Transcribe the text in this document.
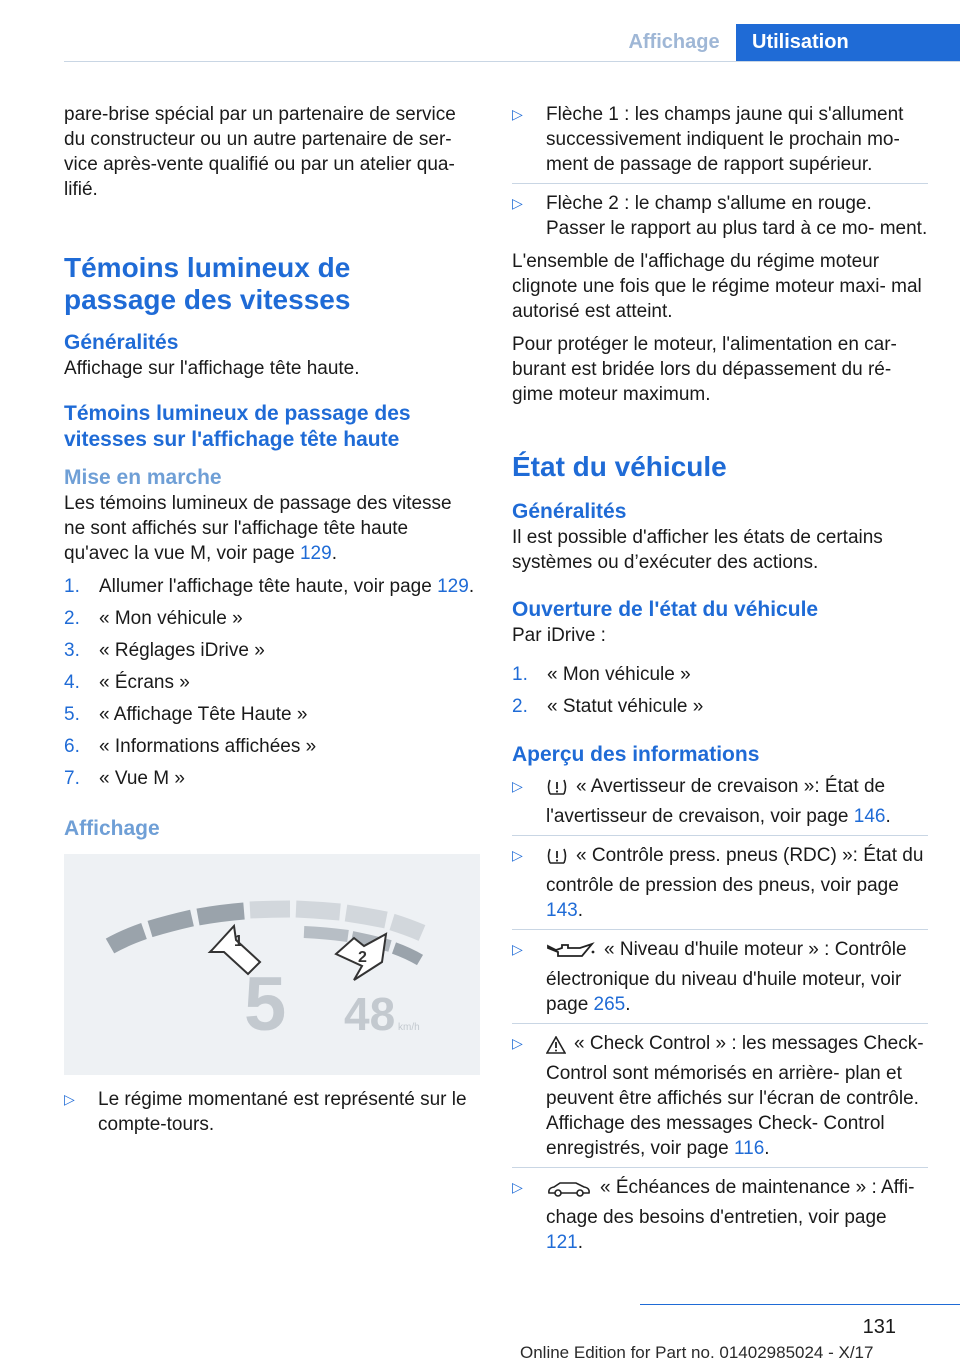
Affichage	Utilisation

pare-brise spécial par un partenaire de service du constructeur ou un autre partenaire de ser- vice après-vente qualifié ou par un atelier qua- lifié.

Témoins lumineux de passage des vitesses
Généralités

Affichage sur l'affichage tête haute.

Témoins lumineux de passage des vitesses sur l'affichage tête haute
Mise en marche

Les témoins lumineux de passage des vitesse ne sont affichés sur l'affichage tête haute qu'avec la vue M, voir page 129.

1. Allumer l'affichage tête haute, voir page 129.
2. « Mon véhicule »
3. « Réglages iDrive »
4. « Écrans »
5. « Affichage Tête Haute »
6. « Informations affichées »
7. « Vue M »
Affichage
1
2
5 48 km/h
▷ Le régime momentané est représenté sur le compte-tours.
▷ Flèche 1 : les champs jaune qui s'allument successivement indiquent le prochain mo- ment de passage de rapport supérieur.
▷ Flèche 2 : le champ s'allume en rouge. Passer le rapport au plus tard à ce mo- ment.

L'ensemble de l'affichage du régime moteur clignote une fois que le régime moteur maxi- mal autorisé est atteint.

Pour protéger le moteur, l'alimentation en car- burant est bridée lors du dépassement du ré- gime moteur maximum.

État du véhicule
Généralités

Il est possible d'afficher les états de certains systèmes ou d’exécuter des actions.

Ouverture de l'état du véhicule

Par iDrive :

1. « Mon véhicule »
2. « Statut véhicule »
Aperçu des informations
▷	« Avertisseur de crevaison »: État de l'avertisseur de crevaison, voir page 146.
▷	« Contrôle press. pneus (RDC) »: État du contrôle de pression des pneus, voir page 143.
▷	« Niveau d'huile moteur » : Contrôle électronique du niveau d'huile moteur, voir page 265.
▷	« Check Control » : les messages Check-Control sont mémorisés en arrière- plan et peuvent être affichés sur l'écran de contrôle. Affichage des messages Check- Control enregistrés, voir page 116.
▷	« Échéances de maintenance » : Affi- chage des besoins d'entretien, voir page 121.
131
Online Edition for Part no. 01402985024 - X/17
